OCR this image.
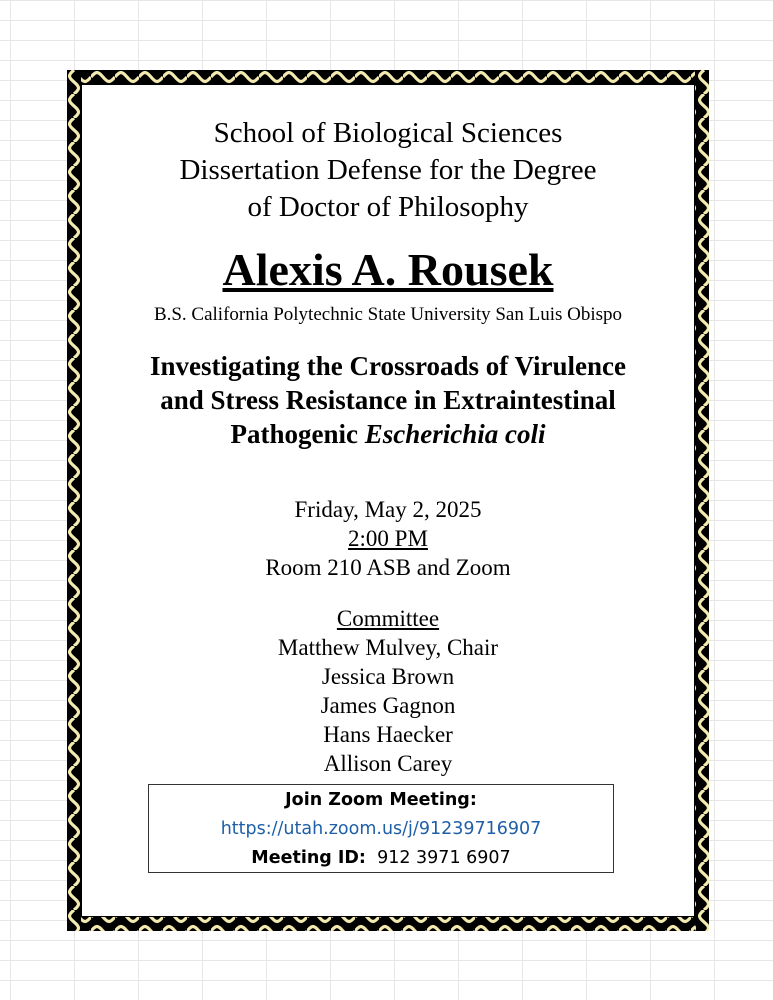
School of Biological Sciences

Dissertation Defense for the Degree

of Doctor of Philosophy

Alexis A. Rousek
B.S. California Polytechnic State University San Luis Obispo
Investigating the Crossroads of Virulence
and Stress Resistance in Extraintestinal
Pathogenic Escherichia coli
Friday, May 2, 2025
2:00 PM
Room 210 ASB and Zoom
Committee
Matthew Mulvey, Chair
Jessica Brown
James Gagnon
Hans Haecker
Allison Carey
Join Zoom Meeting:
https://utah.zoom.us/j/91239716907
Meeting ID: 912 3971 6907
